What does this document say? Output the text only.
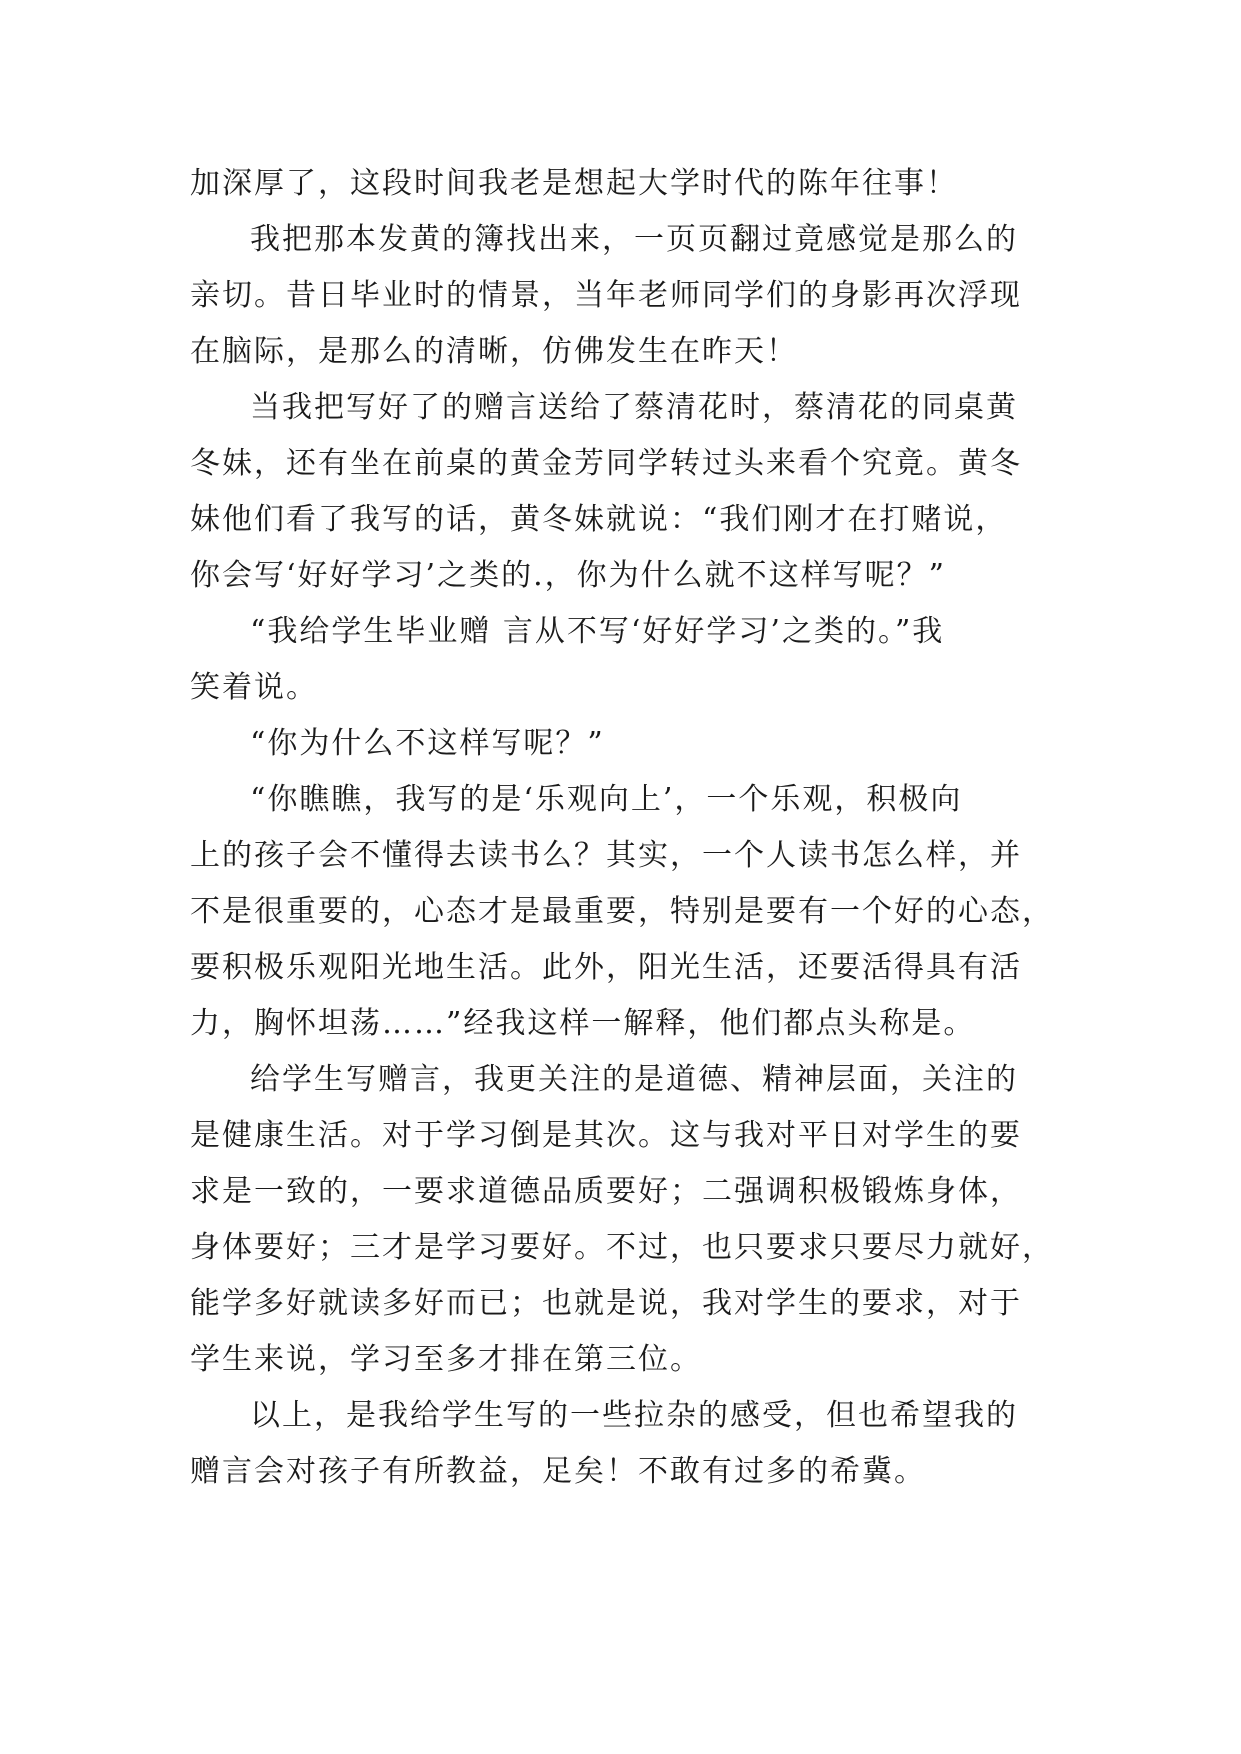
加深厚了，这段时间我老是想起大学时代的陈年往事！
我把那本发黄的簿找出来，一页页翻过竟感觉是那么的
亲切。昔日毕业时的情景，当年老师同学们的身影再次浮现
在脑际，是那么的清晰，仿佛发生在昨天！
当我把写好了的赠言送给了蔡清花时，蔡清花的同桌黄
冬妹，还有坐在前桌的黄金芳同学转过头来看个究竟。黄冬
妹他们看了我写的话，黄冬妹就说：“我们刚才在打赌说，
你会写‘好好学习’之类的.，你为什么就不这样写呢？”
“我给学生毕业赠 言从不写‘好好学习’之类的。”我
笑着说。
“你为什么不这样写呢？”
“你瞧瞧，我写的是‘乐观向上’，一个乐观，积极向
上的孩子会不懂得去读书么？其实，一个人读书怎么样，并
不是很重要的，心态才是最重要，特别是要有一个好的心态，
要积极乐观阳光地生活。此外，阳光生活，还要活得具有活
力，胸怀坦荡……”经我这样一解释，他们都点头称是。
给学生写赠言，我更关注的是道德、精神层面，关注的
是健康生活。对于学习倒是其次。这与我对平日对学生的要
求是一致的，一要求道德品质要好；二强调积极锻炼身体，
身体要好；三才是学习要好。不过，也只要求只要尽力就好，
能学多好就读多好而已；也就是说，我对学生的要求，对于
学生来说，学习至多才排在第三位。
以上，是我给学生写的一些拉杂的感受，但也希望我的
赠言会对孩子有所教益，足矣！不敢有过多的希冀。
